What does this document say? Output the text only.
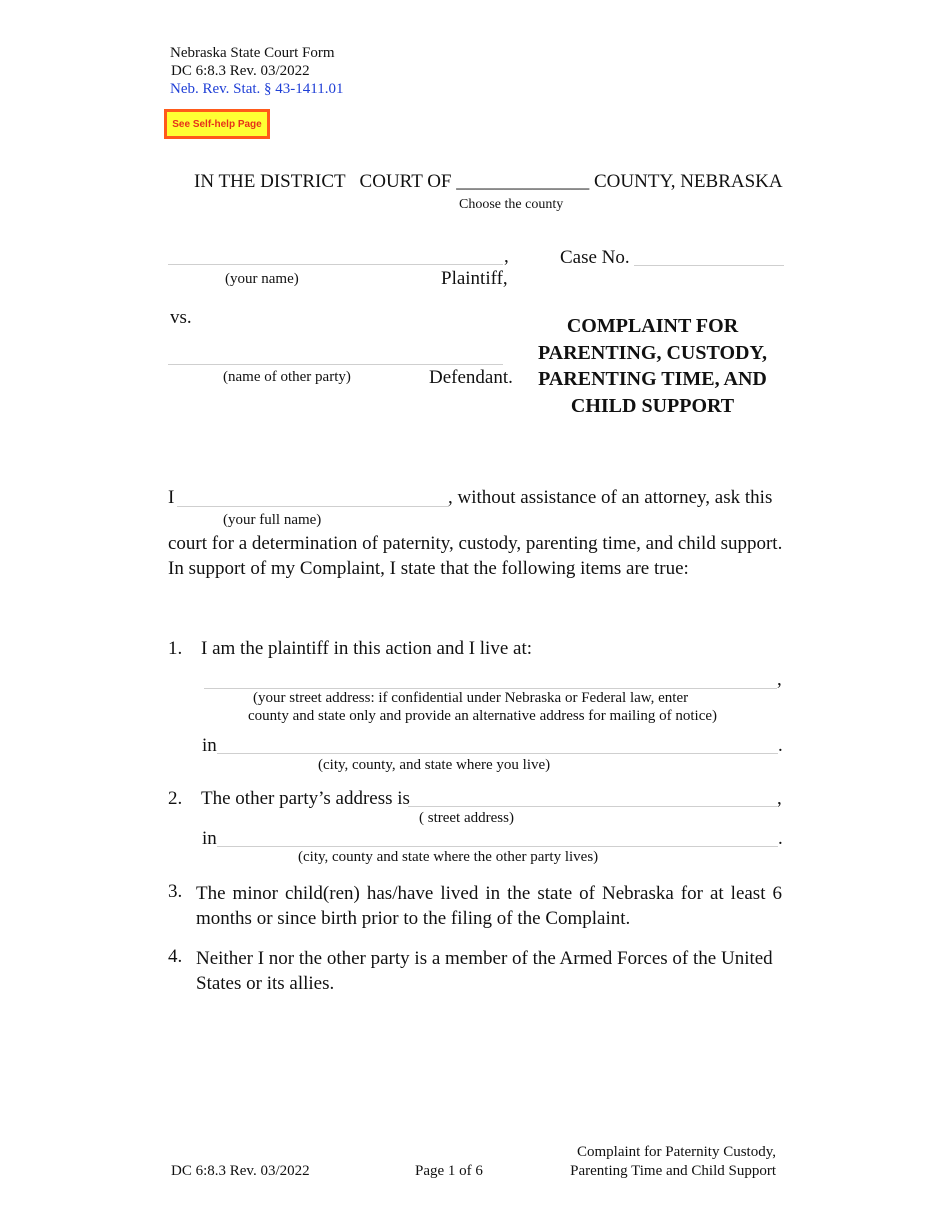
Nebraska State Court Form
DC 6:8.3 Rev. 03/2022
Neb. Rev. Stat. § 43-1411.01
See Self-help Page
IN THE DISTRICT   COURT OF ______________ COUNTY, NEBRASKA
Choose the county
,	Case No.
(your name)	Plaintiff,
vs.
(name of other party)	Defendant.
COMPLAINT FOR PARENTING, CUSTODY, PARENTING TIME, AND CHILD SUPPORT
I	, without assistance of an attorney, ask this
(your full name)
court for a determination of paternity, custody, parenting time, and child support.
In support of my Complaint, I state that the following items are true:
1. I am the plaintiff in this action and I live at:
,
(your street address: if confidential under Nebraska or Federal law, enter
county and state only and provide an alternative address for mailing of notice)
in	.
(city, county, and state where you live)
2. The other party’s address is	,
( street address)
in	.
(city, county and state where the other party lives)
3. The minor child(ren) has/have lived in the state of Nebraska for at least 6 months or since birth prior to the filing of the Complaint.
4. Neither I nor the other party is a member of the Armed Forces of the United States or its allies.
DC 6:8.3 Rev. 03/2022	Page 1 of 6
Complaint for Paternity Custody,
Parenting Time and Child Support
